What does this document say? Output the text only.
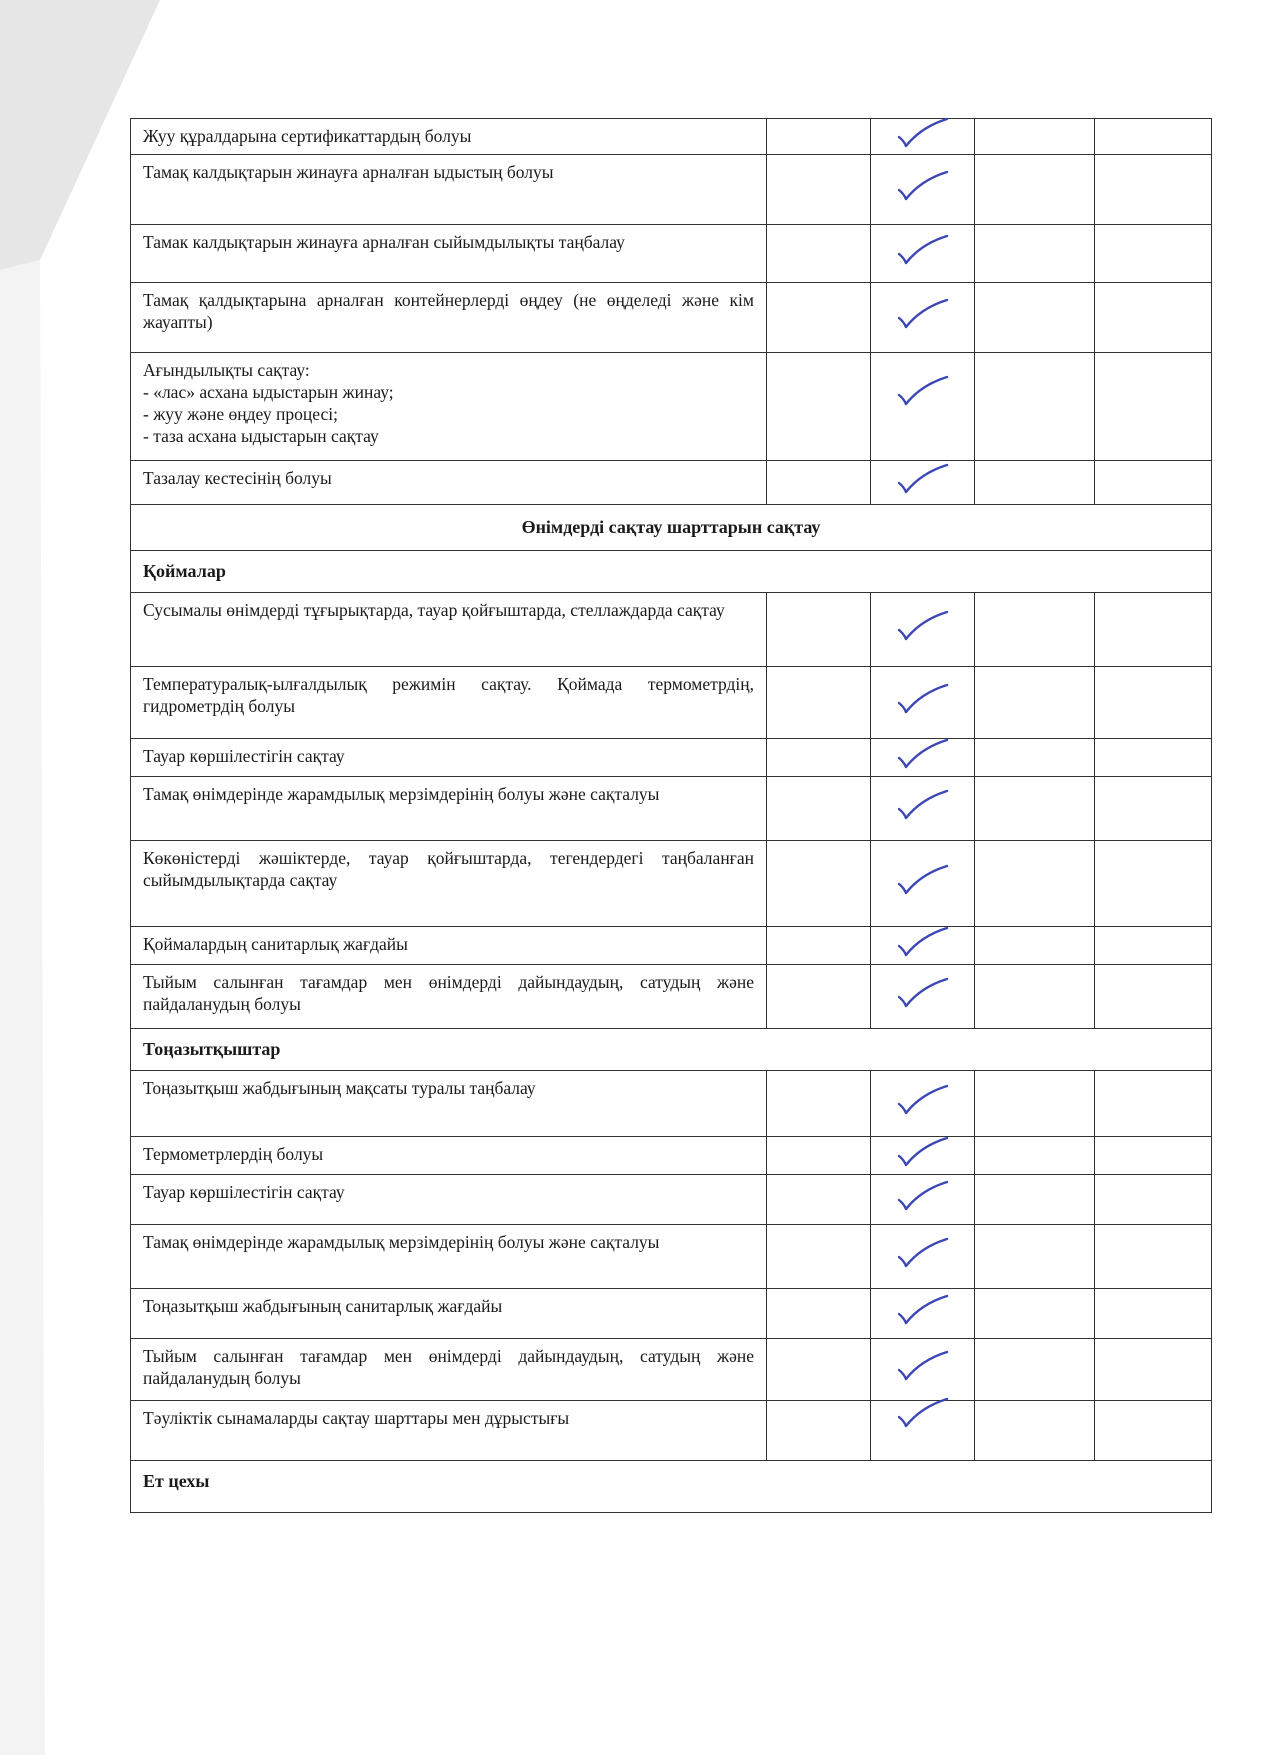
Жуу құралдарына сертификаттардың болуы
Тамақ калдықтарын жинауға арналған ыдыстың болуы
Тамак калдықтарын жинауға арналған сыйымдылықты таңбалау
Тамақ қалдықтарына арналған контейнерлерді өңдеу (не өңделеді және кім жауапты)
Ағындылықты сақтау:
- «лас» асхана ыдыстарын жинау;
- жуу және өңдеу процесі;
- таза асхана ыдыстарын сақтау
Тазалау кестесінің болуы
Өнімдерді сақтау шарттарын сақтау
Қоймалар
Сусымалы өнімдерді тұғырықтарда, тауар қойғыштарда, стеллаждарда сақтау
Температуралық-ылғалдылық режимін сақтау. Қоймада термометрдің, гидрометрдің болуы
Тауар көршілестігін сақтау
Тамақ өнімдерінде жарамдылық мерзімдерінің болуы және сақталуы
Көкөністерді жәшіктерде, тауар қойғыштарда, тегендердегі таңбаланған сыйымдылықтарда сақтау
Қоймалардың санитарлық жағдайы
Тыйым салынған тағамдар мен өнімдерді дайындаудың, сатудың және пайдаланудың болуы
Тоңазытқыштар
Тоңазытқыш жабдығының мақсаты туралы таңбалау
Термометрлердің болуы
Тауар көршілестігін сақтау
Тамақ өнімдерінде жарамдылық мерзімдерінің болуы және сақталуы
Тоңазытқыш жабдығының санитарлық жағдайы
Тыйым салынған тағамдар мен өнімдерді дайындаудың, сатудың және пайдаланудың болуы
Тәуліктік сынамаларды сақтау шарттары мен дұрыстығы
Ет цехы
